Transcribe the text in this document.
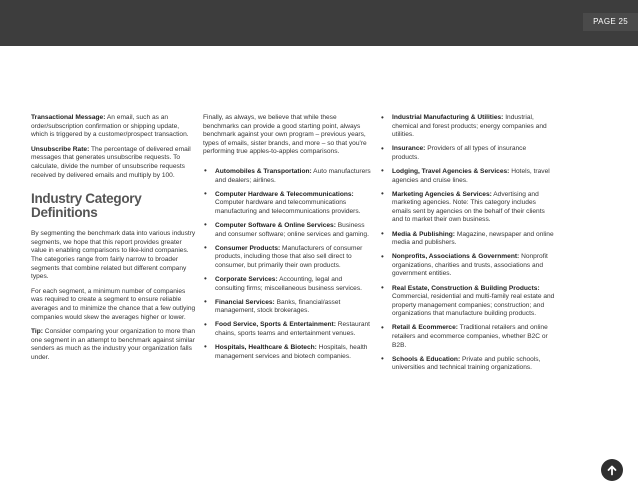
PAGE 25

Transactional Message: An email, such as an order/subscription confirmation or shipping update, which is triggered by a customer/prospect transaction.

Unsubscribe Rate: The percentage of delivered email messages that generates unsubscribe requests. To calculate, divide the number of unsubscribe requests received by delivered emails and multiply by 100.

Industry Category
Definitions

By segmenting the benchmark data into various industry segments, we hope that this report provides greater value in enabling comparisons to like-kind companies. The categories range from fairly narrow to broader segments that combine related but different company types.

For each segment, a minimum number of companies was required to create a segment to ensure reliable averages and to minimize the chance that a few outlying companies would skew the averages higher or lower.

Tip: Consider comparing your organization to more than one segment in an attempt to benchmark against similar senders as much as the industry your organization falls under.

Finally, as always, we believe that while these benchmarks can provide a good starting point, always benchmark against your own program – previous years, types of emails, sister brands, and more – so that you're performing true apples-to-apples comparisons.

• Automobiles & Transportation: Auto manufacturers and dealers; airlines.
• Computer Hardware & Telecommunications: Computer hardware and telecommunications manufacturing and telecommunications providers.
• Computer Software & Online Services: Business and consumer software; online services and gaming.
• Consumer Products: Manufacturers of consumer products, including those that also sell direct to consumer, but primarily their own products.
• Corporate Services: Accounting, legal and consulting firms; miscellaneous business services.
• Financial Services: Banks, financial/asset management, stock brokerages.
• Food Service, Sports & Entertainment: Restaurant chains, sports teams and entertainment venues.
• Hospitals, Healthcare & Biotech: Hospitals, health management services and biotech companies.
• Industrial Manufacturing & Utilities: Industrial, chemical and forest products; energy companies and utilities.
• Insurance: Providers of all types of insurance products.
• Lodging, Travel Agencies & Services: Hotels, travel agencies and cruise lines.
• Marketing Agencies & Services: Advertising and marketing agencies. Note: This category includes emails sent by agencies on the behalf of their clients and to market their own business.
• Media & Publishing: Magazine, newspaper and online media and publishers.
• Nonprofits, Associations & Government: Nonprofit organizations, charities and trusts, associations and government entities.
• Real Estate, Construction & Building Products: Commercial, residential and multi-family real estate and property management companies; construction; and organizations that manufacture building products.
• Retail & Ecommerce: Traditional retailers and online retailers and ecommerce companies, whether B2C or B2B.
• Schools & Education: Private and public schools, universities and technical training organizations.
